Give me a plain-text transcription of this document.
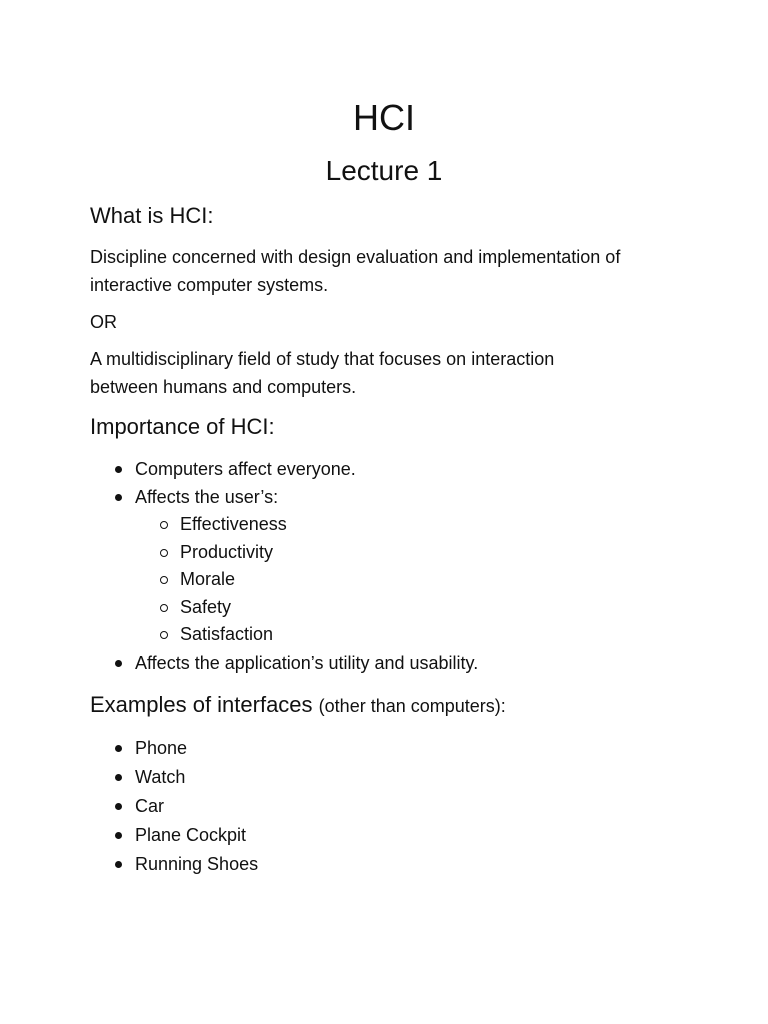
HCI
Lecture 1
What is HCI:

Discipline concerned with design evaluation and implementation of

interactive computer systems.

OR

A multidisciplinary field of study that focuses on interaction

between humans and computers.

Importance of HCI:
Computers affect everyone.
Affects the user’s:
Effectiveness
Productivity
Morale
Safety
Satisfaction
Affects the application’s utility and usability.
Examples of interfaces (other than computers):
Phone
Watch
Car
Plane Cockpit
Running Shoes
